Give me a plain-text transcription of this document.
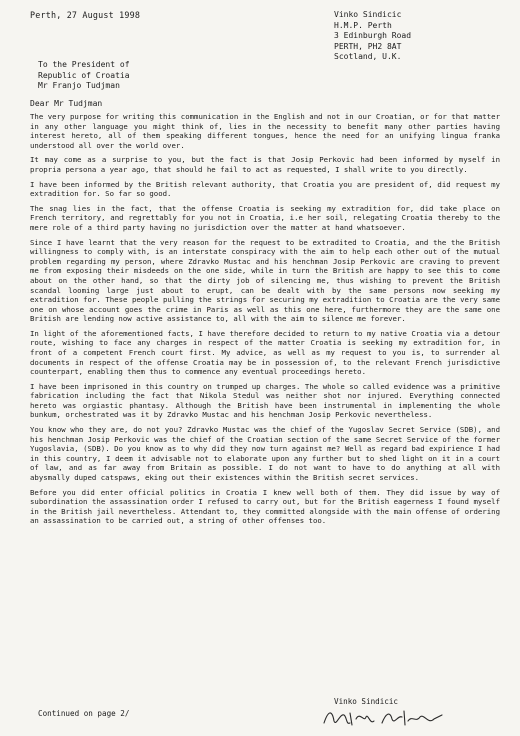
Perth, 27 August 1998	Vinko Sindicic
H.M.P. Perth
3 Edinburgh Road
PERTH, PH2 8AT
Scotland, U.K.
To the President of
Republic of Croatia
Mr Franjo Tudjman
Dear Mr Tudjman

The very purpose for writing this communication in the English and not in our Croatian, or for that matter in any other language you might think of, lies in the necessity to benefit many other parties having interest hereto, all of them speaking different tongues, hence the need for an unifying lingua franka understood all over the world over.

It may come as a surprise to you, but the fact is that Josip Perkovic had been informed by myself in propria persona a year ago, that should he fail to act as requested, I shall write to you directly.

I have been informed by the British relevant authority, that Croatia you are president of, did request my extradition for. So far so good.

The snag lies in the fact, that the offense Croatia is seeking my extradition for, did take place on French territory, and regrettably for you not in Croatia, i.e her soil, relegating Croatia thereby to the mere role of a third party having no jurisdiction over the matter at hand whatsoever.

Since I have learnt that the very reason for the request to be extradited to Croatia, and the the British willingness to comply with, is an interstate conspiracy with the aim to help each other out of the mutual problem regarding my person, where Zdravko Mustac and his henchman Josip Perkovic are craving to prevent me from exposing their misdeeds on the one side, while in turn the British are happy to see this to come about on the other hand, so that the dirty job of silencing me, thus wishing to prevent the British scandal looming large just about to erupt, can be dealt with by the same persons now seeking my extradition for. These people pulling the strings for securing my extradition to Croatia are the very same one on whose account goes the crime in Paris as well as this one here, furthermore they are the same one British are lending now active assistance to, all with the aim to silence me forever.

In light of the aforementioned facts, I have therefore decided to return to my native Croatia via a detour route, wishing to face any charges in respect of the matter Croatia is seeking my extradition for, in front of a competent French court first. My advice, as well as my request to you is, to surrender al documents in respect of the offense Croatia may be in possession of, to the relevant French jurisdictive counterpart, enabling them thus to commence any eventual proceedings hereto.

I have been imprisoned in this country on trumped up charges. The whole so called evidence was a primitive fabrication including the fact that Nikola Stedul was neither shot nor injured. Everything connected hereto was orgiastic phantasy. Although the British have been instrumental in implementing the whole bunkum, orchestrated was it by Zdravko Mustac and his henchman Josip Perkovic nevertheless.

You know who they are, do not you? Zdravko Mustac was the chief of the Yugoslav Secret Service (SDB), and his henchman Josip Perkovic was the chief of the Croatian section of the same Secret Service of the former Yugoslavia, (SDB). Do you know as to why did they now turn against me? Well as regard bad expirience I had in this country, I deem it advisable not to elaborate upon any further but to shed light on it in a court of law, and as far away from Britain as possible. I do not want to have to do anything at all with abysmally duped catspaws, eking out their existences within the British secret services.

Before you did enter official politics in Croatia I knew well both of them. They did issue by way of subordination the assassination order I refused to carry out, but for the British eagerness I found myself in the British jail nevertheless. Attendant to, they committed alongside with the main offense of ordering an assassination to be carried out, a string of other offenses too.

Continued on page 2/
Vinko Sindicic
